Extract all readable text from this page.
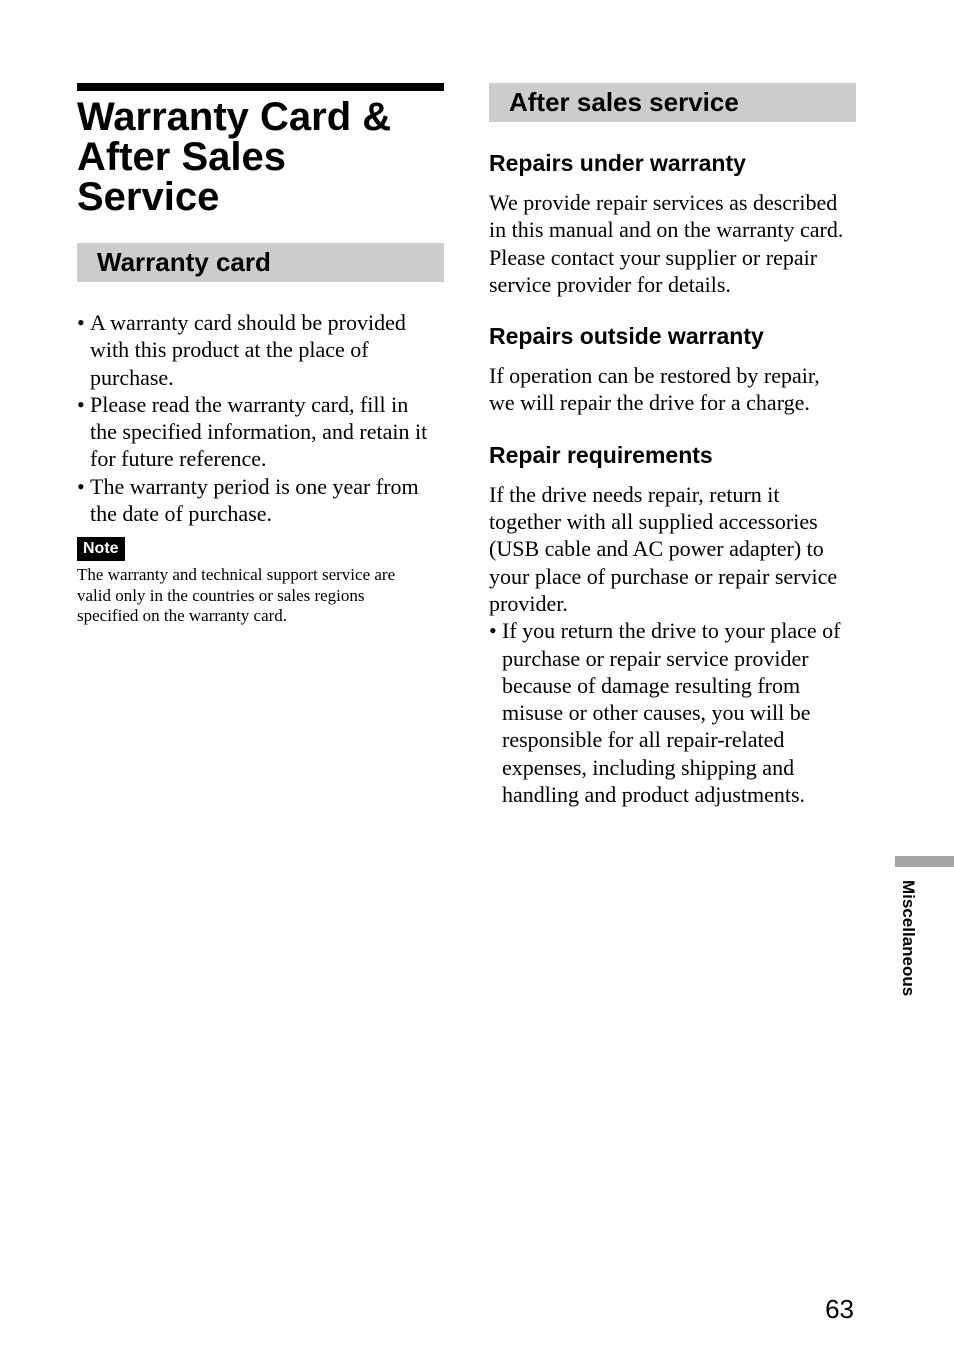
Warranty Card &
After Sales
Service
Warranty card
• A warranty card should be provided
with this product at the place of
purchase.
• Please read the warranty card, fill in
the specified information, and retain it
for future reference.
• The warranty period is one year from
the date of purchase.
Note

The warranty and technical support service are
valid only in the countries or sales regions
specified on the warranty card.

After sales service
Repairs under warranty

We provide repair services as described
in this manual and on the warranty card.
Please contact your supplier or repair
service provider for details.

Repairs outside warranty

If operation can be restored by repair,
we will repair the drive for a charge.

Repair requirements

If the drive needs repair, return it
together with all supplied accessories
(USB cable and AC power adapter) to
your place of purchase or repair service
provider.

• If you return the drive to your place of
purchase or repair service provider
because of damage resulting from
misuse or other causes, you will be
responsible for all repair-related
expenses, including shipping and
handling and product adjustments.
Miscellaneous
63
